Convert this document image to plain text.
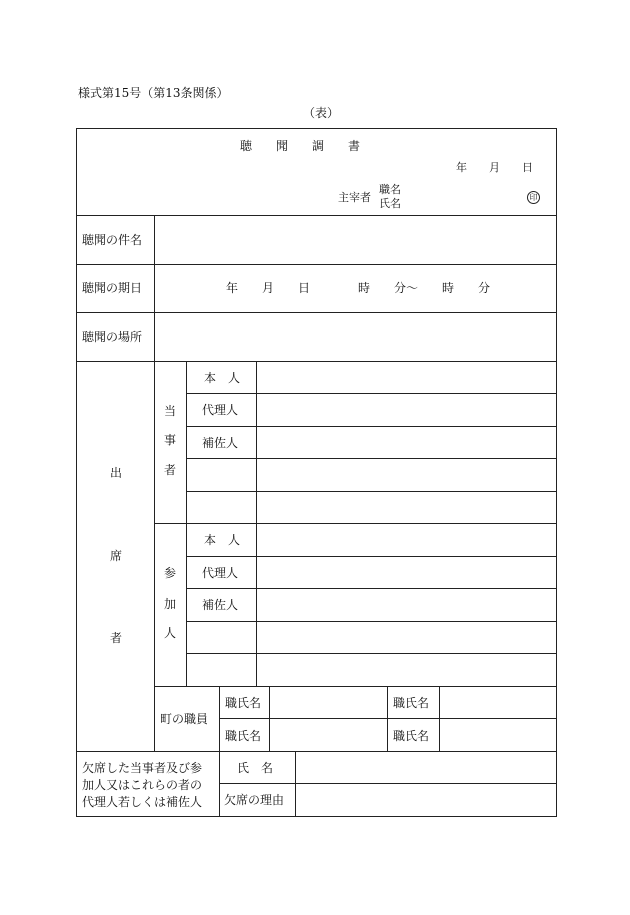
様式第15号（第13条関係）
（表）
聴　　聞　　調　　書
年　　月　　日
主宰者
職名
氏名	印
聴聞の件名
聴聞の期日	年　　月　　日　　　　時　　分～　　時　　分
聴聞の場所
出
席
者
当
事
者
本　人
代理人
補佐人
参
加
人
本　人
代理人
補佐人
町の職員
職氏名
職氏名
職氏名
職氏名
欠席した当事者及び参
加人又はこれらの者の
代理人若しくは補佐人
氏　名
欠席の理由
